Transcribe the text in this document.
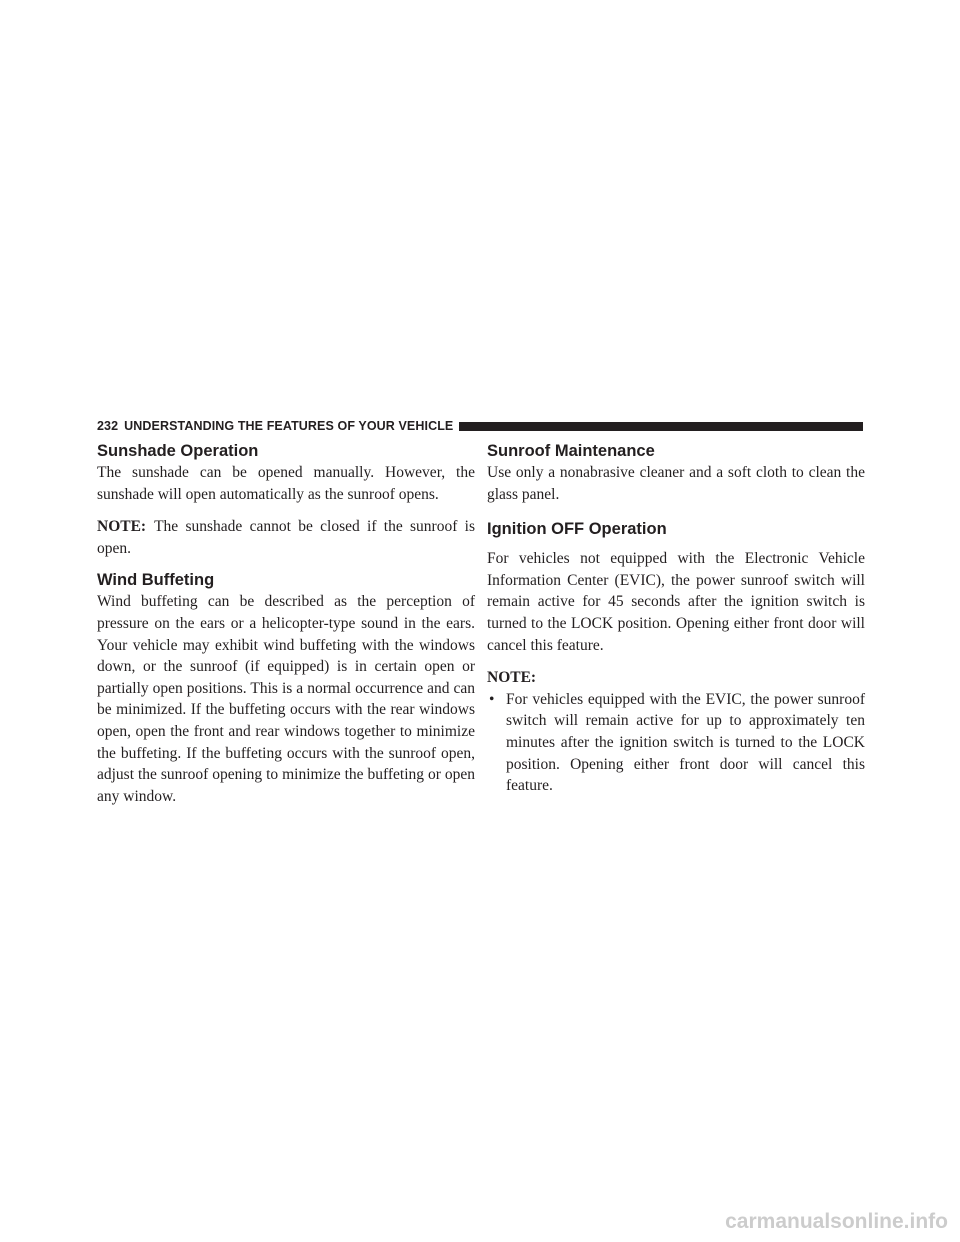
232 UNDERSTANDING THE FEATURES OF YOUR VEHICLE
Sunshade Operation

The sunshade can be opened manually. However, the sunshade will open automatically as the sunroof opens.

NOTE: The sunshade cannot be closed if the sunroof is open.

Wind Buffeting

Wind buffeting can be described as the perception of pressure on the ears or a helicopter-type sound in the ears. Your vehicle may exhibit wind buffeting with the windows down, or the sunroof (if equipped) is in certain open or partially open positions. This is a normal occurrence and can be minimized. If the buffeting occurs with the rear windows open, open the front and rear windows together to minimize the buffeting. If the buffeting occurs with the sunroof open, adjust the sunroof opening to minimize the buffeting or open any window.

Sunroof Maintenance

Use only a nonabrasive cleaner and a soft cloth to clean the glass panel.

Ignition OFF Operation

For vehicles not equipped with the Electronic Vehicle Information Center (EVIC), the power sunroof switch will remain active for 45 seconds after the ignition switch is turned to the LOCK position. Opening either front door will cancel this feature.

NOTE:

• For vehicles equipped with the EVIC, the power sunroof switch will remain active for up to approximately ten minutes after the ignition switch is turned to the LOCK position. Opening either front door will cancel this feature.
carmanualsonline.info
